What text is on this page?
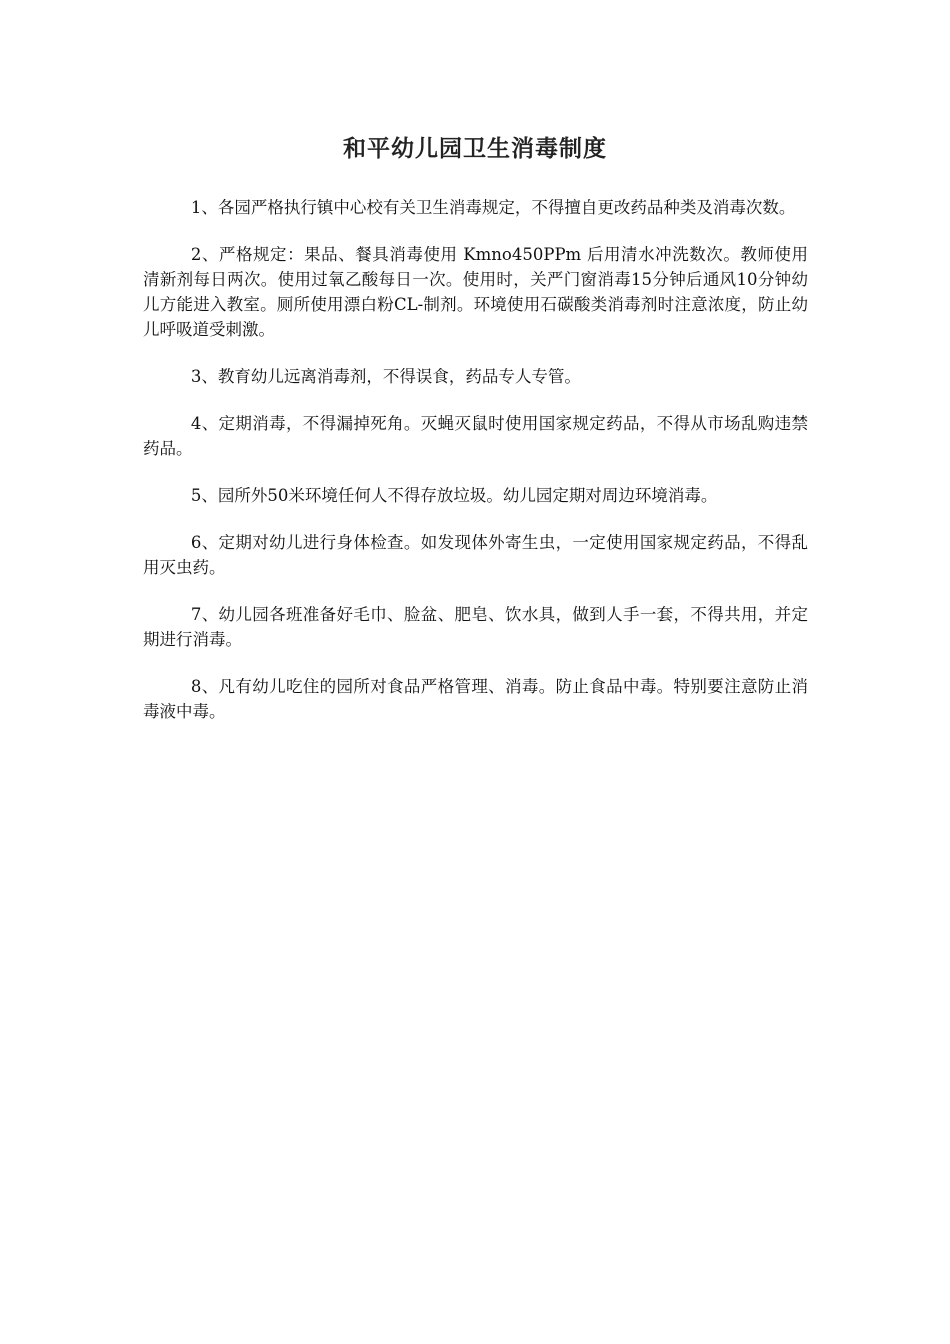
和平幼儿园卫生消毒制度

1、各园严格执行镇中心校有关卫生消毒规定，不得擅自更改药品种类及消毒次数。

2、严格规定：果品、餐具消毒使用 Kmno450PPm 后用清水冲洗数次。教师使用清新剂每日两次。使用过氧乙酸每日一次。使用时，关严门窗消毒15分钟后通风10分钟幼儿方能进入教室。厕所使用漂白粉CL-制剂。环境使用石碳酸类消毒剂时注意浓度，防止幼儿呼吸道受刺激。

3、教育幼儿远离消毒剂，不得误食，药品专人专管。

4、定期消毒，不得漏掉死角。灭蝇灭鼠时使用国家规定药品，不得从市场乱购违禁药品。

5、园所外50米环境任何人不得存放垃圾。幼儿园定期对周边环境消毒。

6、定期对幼儿进行身体检查。如发现体外寄生虫，一定使用国家规定药品，不得乱用灭虫药。

7、幼儿园各班准备好毛巾、脸盆、肥皂、饮水具，做到人手一套，不得共用，并定期进行消毒。

8、凡有幼儿吃住的园所对食品严格管理、消毒。防止食品中毒。特别要注意防止消毒液中毒。
